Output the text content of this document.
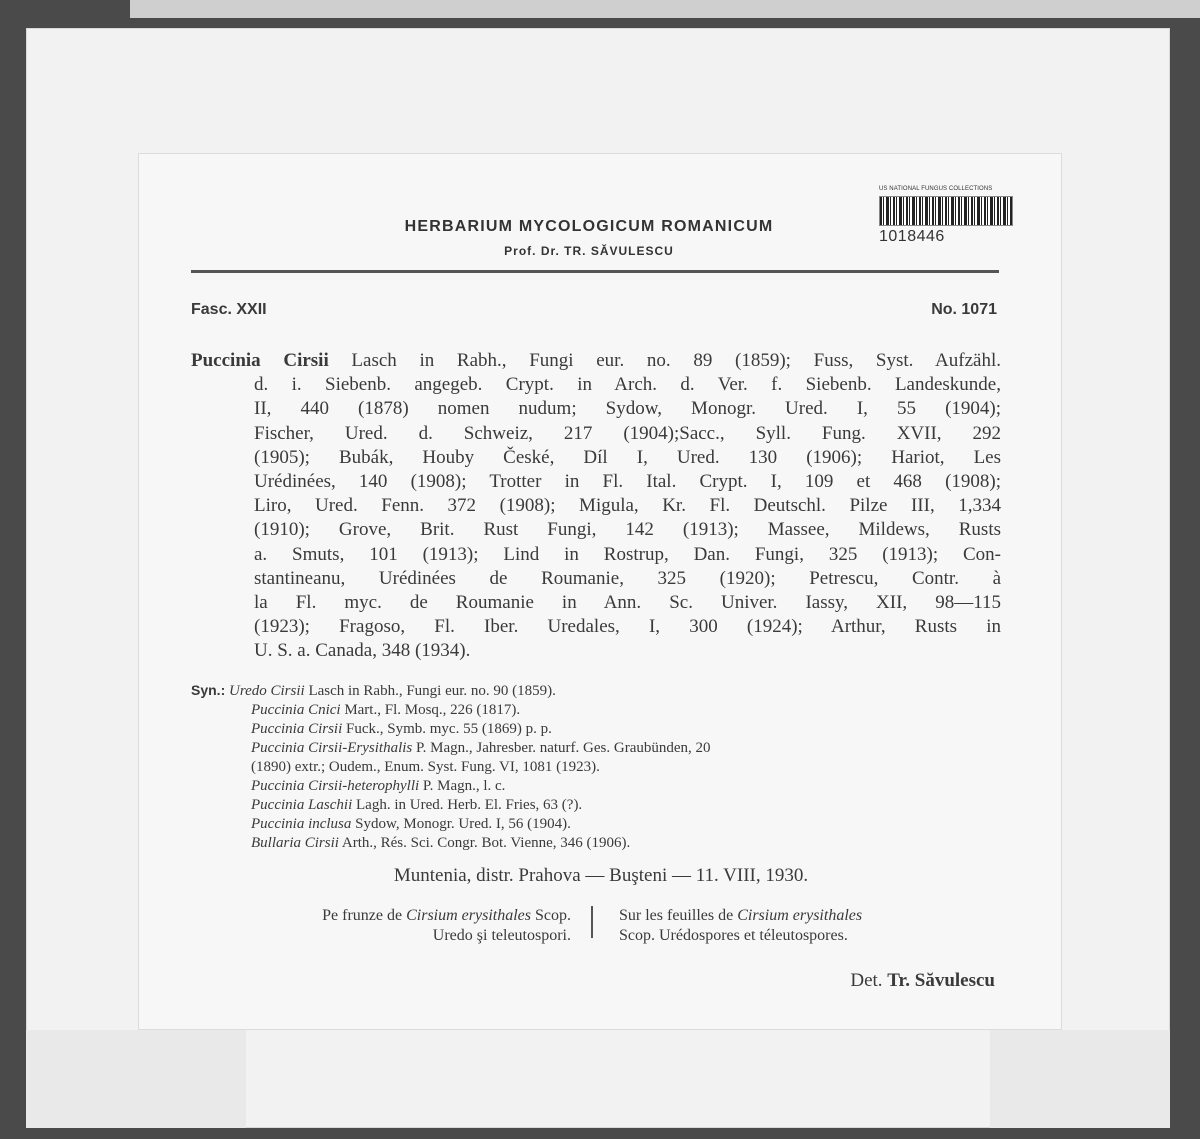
US NATIONAL FUNGUS COLLECTIONS
1018446
HERBARIUM MYCOLOGICUM ROMANICUM
Prof. Dr. TR. SĂVULESCU
Fasc. XXII	No. 1071
Puccinia Cirsii Lasch in Rabh., Fungi eur. no. 89 (1859); Fuss, Syst. Aufzähl.
d. i. Siebenb. angegeb. Crypt. in Arch. d. Ver. f. Siebenb. Landeskunde,
II, 440 (1878) nomen nudum; Sydow, Monogr. Ured. I, 55 (1904);
Fischer, Ured. d. Schweiz, 217 (1904);Sacc., Syll. Fung. XVII, 292
(1905); Bubák, Houby České, Díl I, Ured. 130 (1906); Hariot, Les
Urédinées, 140 (1908); Trotter in Fl. Ital. Crypt. I, 109 et 468 (1908);
Liro, Ured. Fenn. 372 (1908); Migula, Kr. Fl. Deutschl. Pilze III, 1,334
(1910); Grove, Brit. Rust Fungi, 142 (1913); Massee, Mildews, Rusts
a. Smuts, 101 (1913); Lind in Rostrup, Dan. Fungi, 325 (1913); Con-
stantineanu, Urédinées de Roumanie, 325 (1920); Petrescu, Contr. à
la Fl. myc. de Roumanie in Ann. Sc. Univer. Iassy, XII, 98—115
(1923); Fragoso, Fl. Iber. Uredales, I, 300 (1924); Arthur, Rusts in
U. S. a. Canada, 348 (1934).
Syn.: Uredo Cirsii Lasch in Rabh., Fungi eur. no. 90 (1859).
Puccinia Cnici Mart., Fl. Mosq., 226 (1817).
Puccinia Cirsii Fuck., Symb. myc. 55 (1869) p. p.
Puccinia Cirsii-Erysithalis P. Magn., Jahresber. naturf. Ges. Graubünden, 20
(1890) extr.; Oudem., Enum. Syst. Fung. VI, 1081 (1923).
Puccinia Cirsii-heterophylli P. Magn., l. c.
Puccinia Laschii Lagh. in Ured. Herb. El. Fries, 63 (?).
Puccinia inclusa Sydow, Monogr. Ured. I, 56 (1904).
Bullaria Cirsii Arth., Rés. Sci. Congr. Bot. Vienne, 346 (1906).
Muntenia, distr. Prahova — Buşteni — 11. VIII, 1930.
Pe frunze de Cirsium erysithales Scop.
Uredo şi teleutospori.
Sur les feuilles de Cirsium erysithales
Scop. Urédospores et téleutospores.
Det. Tr. Săvulescu
